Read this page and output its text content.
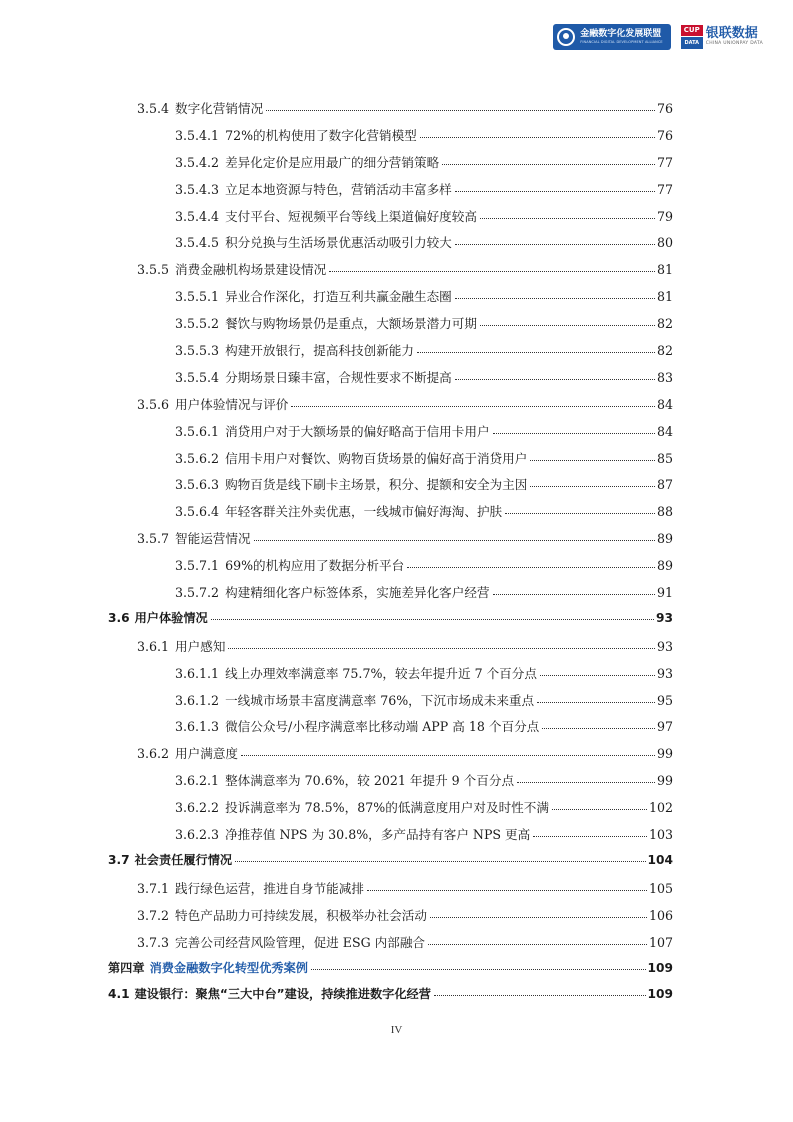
金融数字化发展联盟
FINANCIAL DIGITAL DEVELOPMENT ALLIANCE
CUP
DATA
银联数据
CHINA UNIONPAY DATA
3.5.4 数字化营销情况	76
3.5.4.1 72%的机构使用了数字化营销模型	76
3.5.4.2 差异化定价是应用最广的细分营销策略	77
3.5.4.3 立足本地资源与特色，营销活动丰富多样	77
3.5.4.4 支付平台、短视频平台等线上渠道偏好度较高	79
3.5.4.5 积分兑换与生活场景优惠活动吸引力较大	80
3.5.5 消费金融机构场景建设情况	81
3.5.5.1 异业合作深化，打造互利共赢金融生态圈	81
3.5.5.2 餐饮与购物场景仍是重点，大额场景潜力可期	82
3.5.5.3 构建开放银行，提高科技创新能力	82
3.5.5.4 分期场景日臻丰富，合规性要求不断提高	83
3.5.6 用户体验情况与评价	84
3.5.6.1 消贷用户对于大额场景的偏好略高于信用卡用户	84
3.5.6.2 信用卡用户对餐饮、购物百货场景的偏好高于消贷用户	85
3.5.6.3 购物百货是线下刷卡主场景，积分、提额和安全为主因	87
3.5.6.4 年轻客群关注外卖优惠，一线城市偏好海淘、护肤	88
3.5.7 智能运营情况	89
3.5.7.1 69%的机构应用了数据分析平台	89
3.5.7.2 构建精细化客户标签体系，实施差异化客户经营	91
3.6 用户体验情况	93
3.6.1 用户感知	93
3.6.1.1 线上办理效率满意率 75.7%，较去年提升近 7 个百分点	93
3.6.1.2 一线城市场景丰富度满意率 76%，下沉市场成未来重点	95
3.6.1.3 微信公众号/小程序满意率比移动端 APP 高 18 个百分点	97
3.6.2 用户满意度	99
3.6.2.1 整体满意率为 70.6%，较 2021 年提升 9 个百分点	99
3.6.2.2 投诉满意率为 78.5%，87%的低满意度用户对及时性不满	102
3.6.2.3 净推荐值 NPS 为 30.8%，多产品持有客户 NPS 更高	103
3.7 社会责任履行情况	104
3.7.1 践行绿色运营，推进自身节能减排	105
3.7.2 特色产品助力可持续发展，积极举办社会活动	106
3.7.3 完善公司经营风险管理，促进 ESG 内部融合	107
第四章 消费金融数字化转型优秀案例	109
4.1 建设银行：聚焦“三大中台”建设，持续推进数字化经营	109
IV
